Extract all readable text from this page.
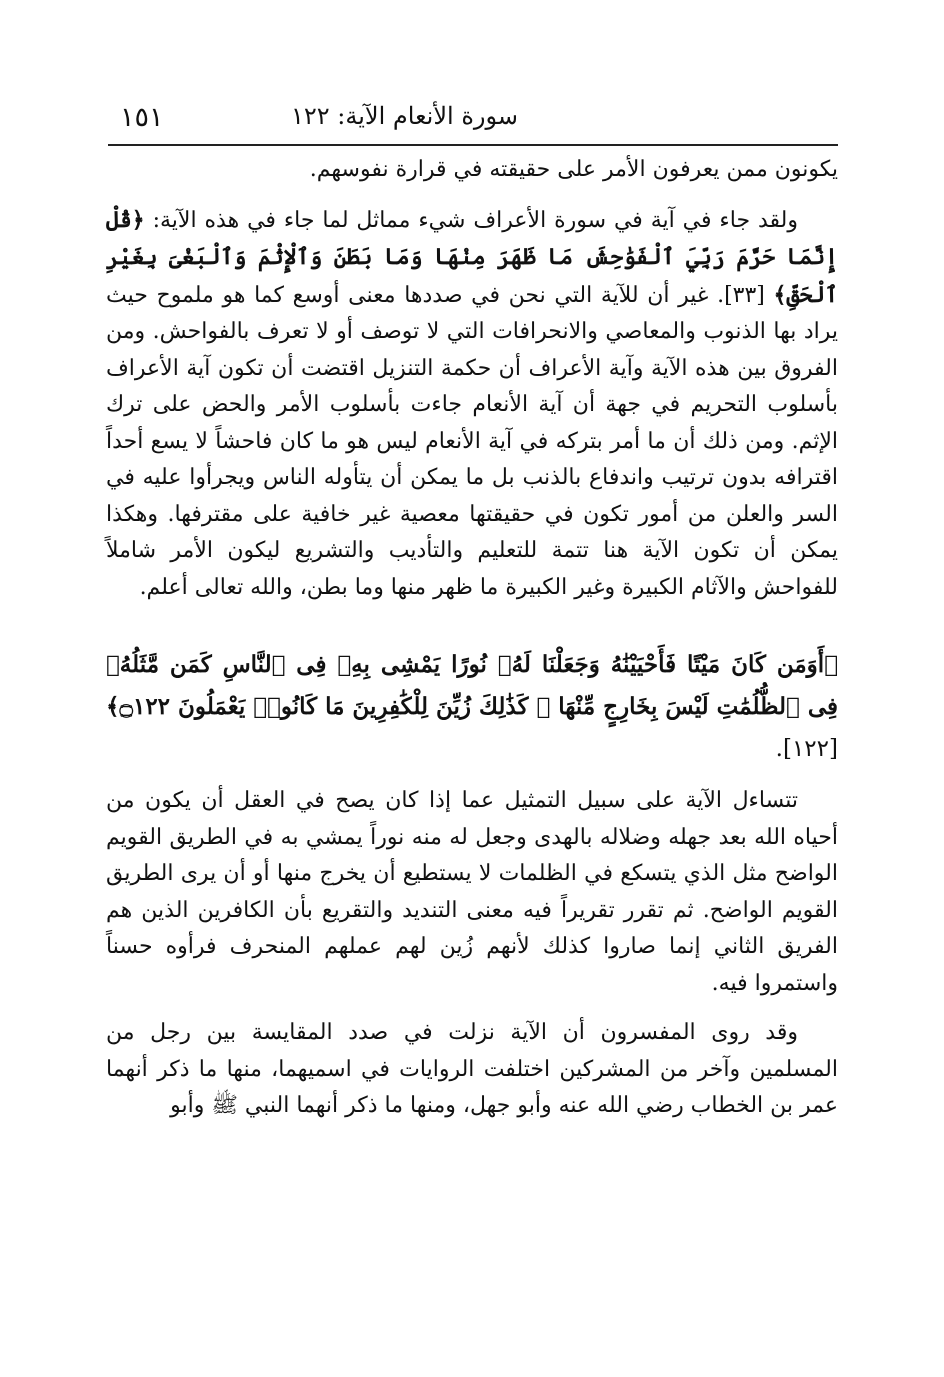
سورة الأنعام الآية: ١٢٢
١٥١

يكونون ممن يعرفون الأمر على حقيقته في قرارة نفوسهم.

ولقد جاء في آية في سورة الأعراف شيء مماثل لما جاء في هذه الآية: ﴿قُلْ إِنَّمَا حَرَّمَ رَبِّيَ ٱلْفَوَٰحِشَ مَا ظَهَرَ مِنْهَا وَمَا بَطَنَ وَٱلْإِثْمَ وَٱلْبَغْىَ بِغَيْرِ ٱلْحَقِّ﴾ [٣٣]. غير أن للآية التي نحن في صددها معنى أوسع كما هو ملموح حيث يراد بها الذنوب والمعاصي والانحرافات التي لا توصف أو لا تعرف بالفواحش. ومن الفروق بين هذه الآية وآية الأعراف أن حكمة التنزيل اقتضت أن تكون آية الأعراف بأسلوب التحريم في جهة أن آية الأنعام جاءت بأسلوب الأمر والحض على ترك الإثم. ومن ذلك أن ما أمر بتركه في آية الأنعام ليس هو ما كان فاحشاً لا يسع أحداً اقترافه بدون ترتيب واندفاع بالذنب بل ما يمكن أن يتأوله الناس ويجرأوا عليه في السر والعلن من أمور تكون في حقيقتها معصية غير خافية على مقترفها. وهكذا يمكن أن تكون الآية هنا تتمة للتعليم والتأديب والتشريع ليكون الأمر شاملاً للفواحش والآثام الكبيرة وغير الكبيرة ما ظهر منها وما بطن، والله تعالى أعلم.

﴿أَوَمَن كَانَ مَيْتًا فَأَحْيَيْنَٰهُ وَجَعَلْنَا لَهُۥ نُورًا يَمْشِى بِهِۦ فِى ٱلنَّاسِ كَمَن مَّثَلُهُۥ فِى ٱلظُّلُمَٰتِ لَيْسَ بِخَارِجٍ مِّنْهَا ۚ كَذَٰلِكَ زُيِّنَ لِلْكَٰفِرِينَ مَا كَانُوا۟ يَعْمَلُونَ ۝١٢٢﴾ [١٢٢].

تتساءل الآية على سبيل التمثيل عما إذا كان يصح في العقل أن يكون من أحياه الله بعد جهله وضلاله بالهدى وجعل له منه نوراً يمشي به في الطريق القويم الواضح مثل الذي يتسكع في الظلمات لا يستطيع أن يخرج منها أو أن يرى الطريق القويم الواضح. ثم تقرر تقريراً فيه معنى التنديد والتقريع بأن الكافرين الذين هم الفريق الثاني إنما صاروا كذلك لأنهم زُين لهم عملهم المنحرف فرأوه حسناً واستمروا فيه.

وقد روى المفسرون أن الآية نزلت في صدد المقايسة بين رجل من المسلمين وآخر من المشركين اختلفت الروايات في اسميهما، منها ما ذكر أنهما عمر بن الخطاب رضي الله عنه وأبو جهل، ومنها ما ذكر أنهما النبي ﷺ وأبو
